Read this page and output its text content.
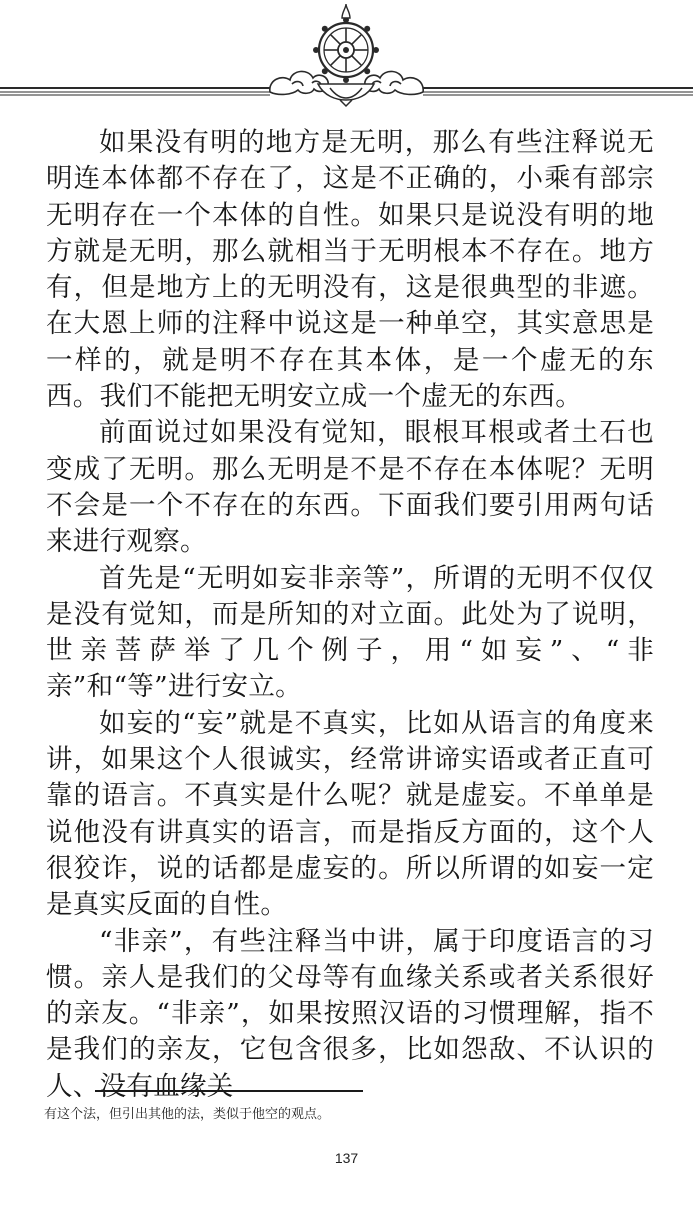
如果没有明的地方是无明，那么有些注释说无明连本体都不存在了，这是不正确的，小乘有部宗无明存在一个本体的自性。如果只是说没有明的地方就是无明，那么就相当于无明根本不存在。地方有，但是地方上的无明没有，这是很典型的非遮。在大恩上师的注释中说这是一种单空，其实意思是一样的，就是明不存在其本体，是一个虚无的东西。我们不能把无明安立成一个虚无的东西。

前面说过如果没有觉知，眼根耳根或者土石也变成了无明。那么无明是不是不存在本体呢？无明不会是一个不存在的东西。下面我们要引用两句话来进行观察。

首先是“无明如妄非亲等”，所谓的无明不仅仅是没有觉知，而是所知的对立面。此处为了说明，世亲菩萨举了几个例子，用“如妄”、“非亲”和“等”进行安立。

如妄的“妄”就是不真实，比如从语言的角度来讲，如果这个人很诚实，经常讲谛实语或者正直可靠的语言。不真实是什么呢？就是虚妄。不单单是说他没有讲真实的语言，而是指反方面的，这个人很狡诈，说的话都是虚妄的。所以所谓的如妄一定是真实反面的自性。

“非亲”，有些注释当中讲，属于印度语言的习惯。亲人是我们的父母等有血缘关系或者关系很好的亲友。“非亲”，如果按照汉语的习惯理解，指不是我们的亲友，它包含很多，比如怨敌、不认识的人、没有血缘关

有这个法，但引出其他的法，类似于他空的观点。

137
